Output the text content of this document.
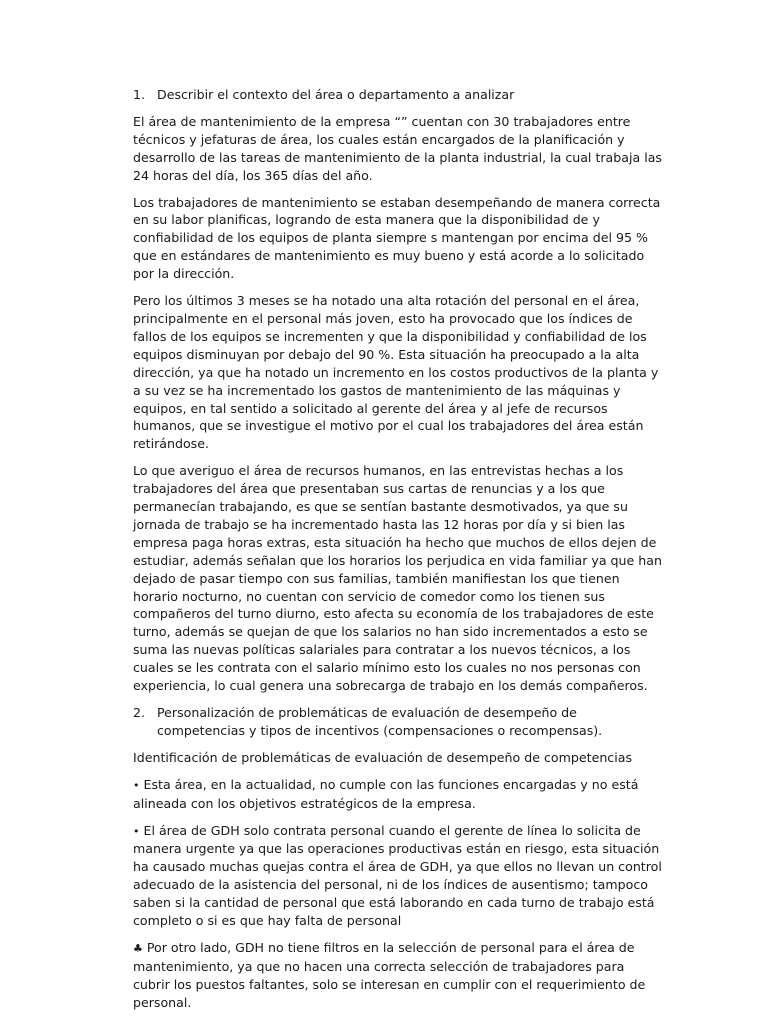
1. Describir el contexto del área o departamento a analizar

El área de mantenimiento de la empresa “” cuentan con 30 trabajadores entre técnicos y jefaturas de área, los cuales están encargados de la planificación y desarrollo de las tareas de mantenimiento de la planta industrial, la cual trabaja las 24 horas del día, los 365 días del año.

Los trabajadores de mantenimiento se estaban desempeñando de manera correcta en su labor planificas, logrando de esta manera que la disponibilidad de y confiabilidad de los equipos de planta siempre s mantengan por encima del 95 % que en estándares de mantenimiento es muy bueno y está acorde a lo solicitado por la dirección.

Pero los últimos 3 meses se ha notado una alta rotación del personal en el área, principalmente en el personal más joven, esto ha provocado que los índices de fallos de los equipos se incrementen y que la disponibilidad y confiabilidad de los equipos disminuyan por debajo del 90 %. Esta situación ha preocupado a la alta dirección, ya que ha notado un incremento en los costos productivos de la planta y a su vez se ha incrementado los gastos de mantenimiento de las máquinas y equipos, en tal sentido a solicitado al gerente del área y al jefe de recursos humanos, que se investigue el motivo por el cual los trabajadores del área están retirándose.

Lo que averiguo el área de recursos humanos, en las entrevistas hechas a los trabajadores del área que presentaban sus cartas de renuncias y a los que permanecían trabajando, es que se sentían bastante desmotivados, ya que su jornada de trabajo se ha incrementado hasta las 12 horas por día y si bien las empresa paga horas extras, esta situación ha hecho que muchos de ellos dejen de estudiar, además señalan que los horarios los perjudica en vida familiar ya que han dejado de pasar tiempo con sus familias, también manifiestan los que tienen horario nocturno, no cuentan con servicio de comedor como los tienen sus compañeros del turno diurno, esto afecta su economía de los trabajadores de este turno, además se quejan de que los salarios no han sido incrementados a esto se suma las nuevas políticas salariales para contratar a los nuevos técnicos, a los cuales se les contrata con el salario mínimo esto los cuales no nos personas con experiencia, lo cual genera una sobrecarga de trabajo en los demás compañeros.

2. Personalización de problemáticas de evaluación de desempeño de competencias y tipos de incentivos (compensaciones o recompensas).

Identificación de problemáticas de evaluación de desempeño de competencias

• Esta área, en la actualidad, no cumple con las funciones encargadas y no está alineada con los objetivos estratégicos de la empresa.

• El área de GDH solo contrata personal cuando el gerente de línea lo solicita de manera urgente ya que las operaciones productivas están en riesgo, esta situación ha causado muchas quejas contra el área de GDH, ya que ellos no llevan un control adecuado de la asistencia del personal, ni de los índices de ausentismo; tampoco saben si la cantidad de personal que está laborando en cada turno de trabajo está completo o si es que hay falta de personal

♣ Por otro lado, GDH no tiene filtros en la selección de personal para el área de mantenimiento, ya que no hacen una correcta selección de trabajadores para cubrir los puestos faltantes, solo se interesan en cumplir con el requerimiento de personal.
